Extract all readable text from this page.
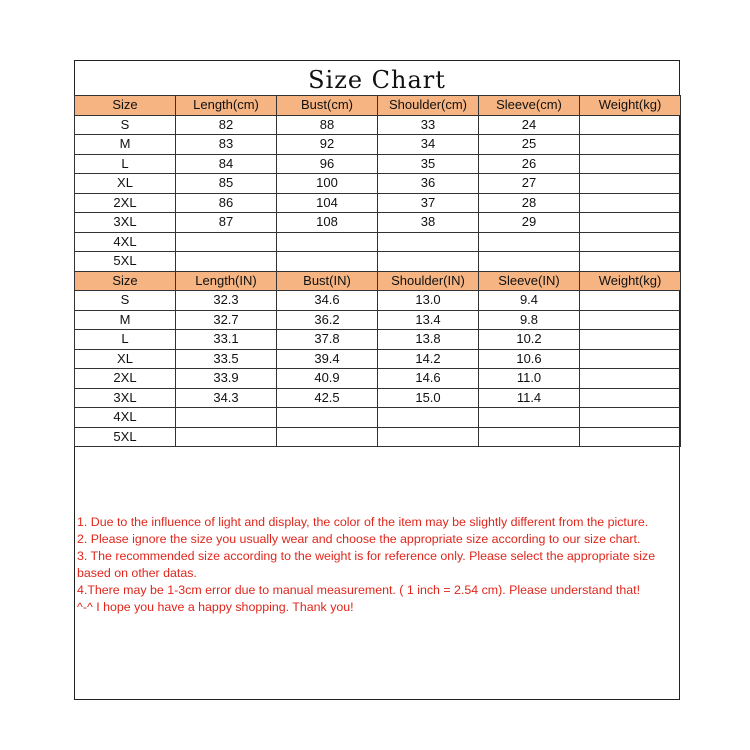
Size Chart
Size	Length(cm)	Bust(cm)	Shoulder(cm)	Sleeve(cm)	Weight(kg)
S	82	88	33	24	
M	83	92	34	25	
L	84	96	35	26	
XL	85	100	36	27	
2XL	86	104	37	28	
3XL	87	108	38	29	
4XL					
5XL					
Size	Length(IN)	Bust(IN)	Shoulder(IN)	Sleeve(IN)	Weight(kg)
S	32.3	34.6	13.0	9.4	
M	32.7	36.2	13.4	9.8	
L	33.1	37.8	13.8	10.2	
XL	33.5	39.4	14.2	10.6	
2XL	33.9	40.9	14.6	11.0	
3XL	34.3	42.5	15.0	11.4	
4XL					
5XL					

1. Due to the influence of light and display, the color of the item may be slightly different from the picture.

2. Please ignore the size you usually wear and choose the appropriate size according to our size chart.

3. The recommended size according to the weight is for reference only. Please select the appropriate size based on other datas.

4.There may be 1-3cm error due to manual measurement. ( 1 inch = 2.54 cm). Please understand that!

^-^ I hope you have a happy shopping. Thank you!
